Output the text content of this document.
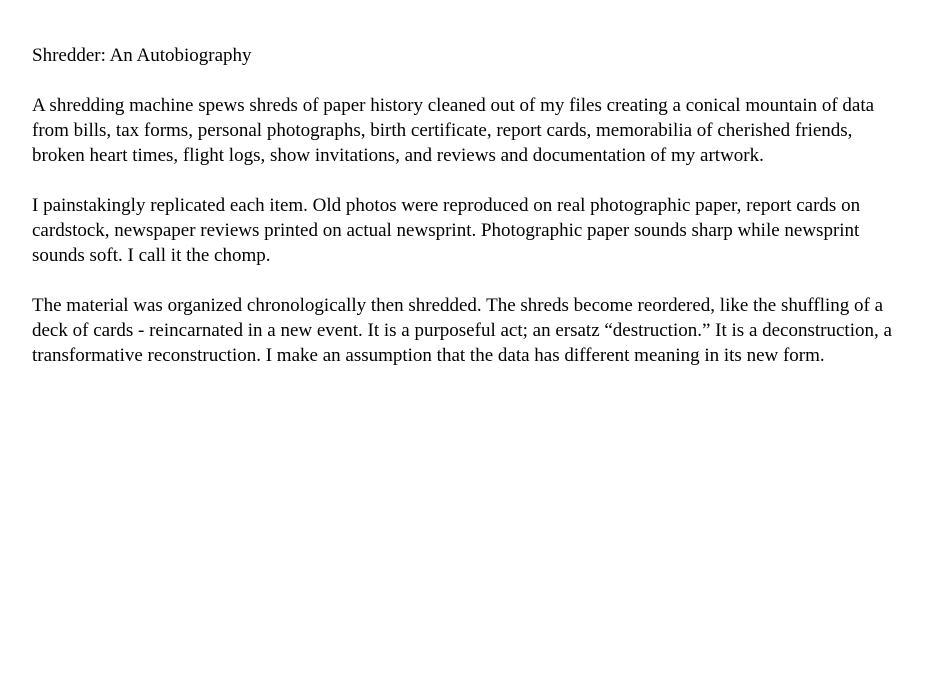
Shredder: An Autobiography

A shredding machine spews shreds of paper history cleaned out of my files creating a conical mountain of data from bills, tax forms, personal photographs, birth certificate, report cards, memorabilia of cherished friends, broken heart times, flight logs, show invitations, and reviews and documentation of my artwork.

I painstakingly replicated each item. Old photos were reproduced on real photographic paper, report cards on cardstock, newspaper reviews printed on actual newsprint. Photographic paper sounds sharp while newsprint sounds soft. I call it the chomp.

The material was organized chronologically then shredded. The shreds become reordered, like the shuffling of a deck of cards - reincarnated in a new event. It is a purposeful act; an ersatz “destruction.” It is a deconstruction, a transformative reconstruction. I make an assumption that the data has different meaning in its new form.
